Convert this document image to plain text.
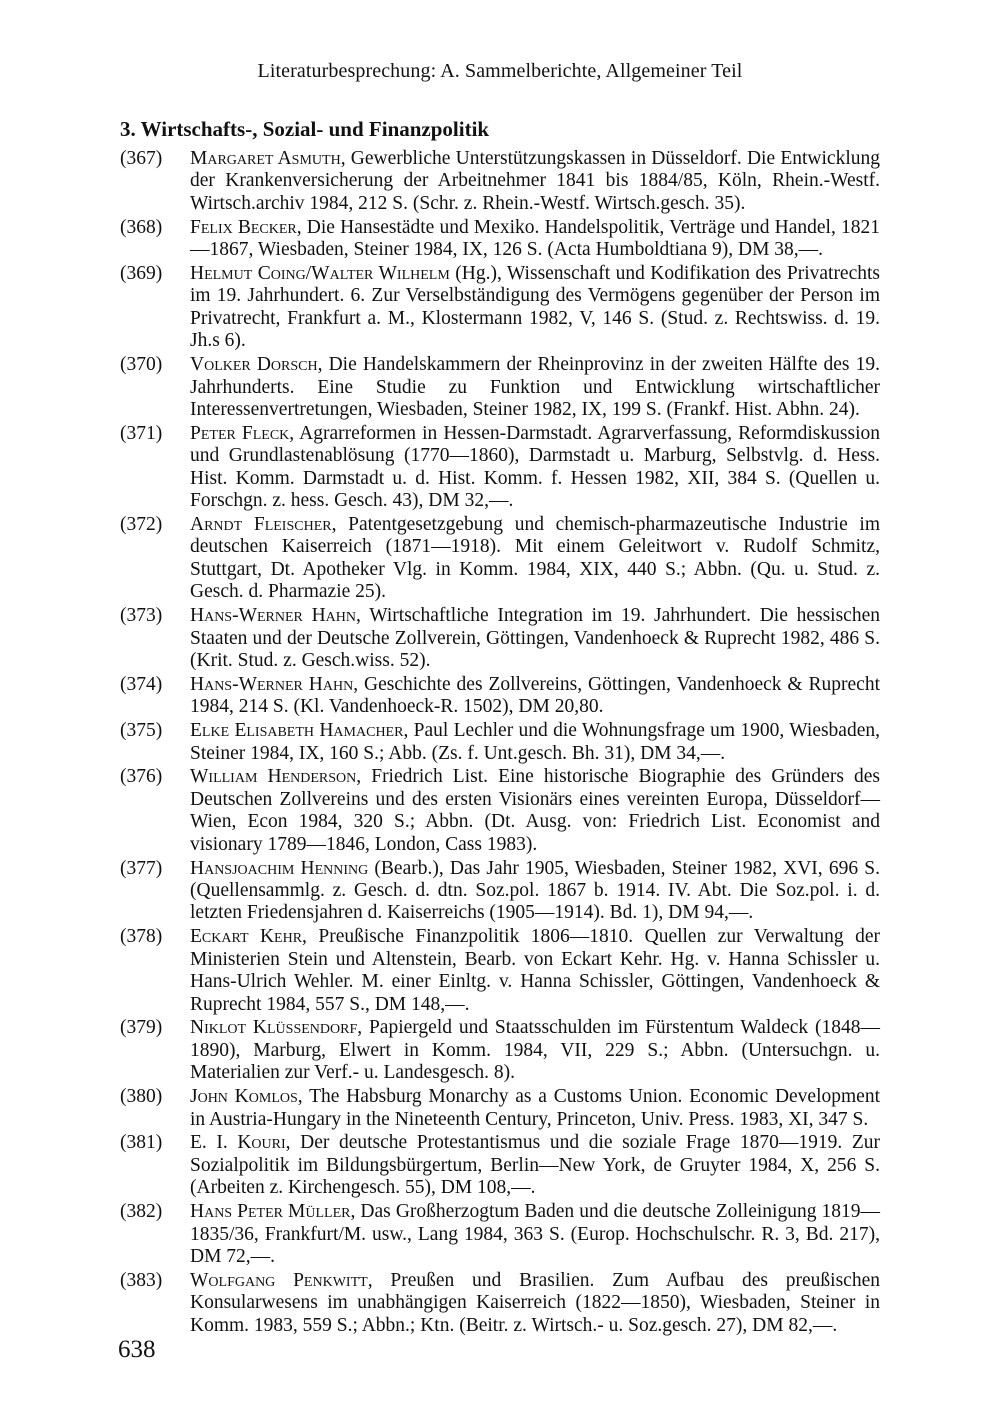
Literaturbesprechung: A. Sammelberichte, Allgemeiner Teil
3. Wirtschafts-, Sozial- und Finanzpolitik
(367) Margaret Asmuth, Gewerbliche Unterstützungskassen in Düsseldorf. Die Entwicklung der Krankenversicherung der Arbeitnehmer 1841 bis 1884/85, Köln, Rhein.-Westf. Wirtsch.archiv 1984, 212 S. (Schr. z. Rhein.-Westf. Wirtsch.gesch. 35).
(368) Felix Becker, Die Hansestädte und Mexiko. Handelspolitik, Verträge und Handel, 1821—1867, Wiesbaden, Steiner 1984, IX, 126 S. (Acta Humboldtiana 9), DM 38,—.
(369) Helmut Coing/Walter Wilhelm (Hg.), Wissenschaft und Kodifikation des Privatrechts im 19. Jahrhundert. 6. Zur Verselbständigung des Vermögens gegenüber der Person im Privatrecht, Frankfurt a. M., Klostermann 1982, V, 146 S. (Stud. z. Rechtswiss. d. 19. Jh.s 6).
(370) Volker Dorsch, Die Handelskammern der Rheinprovinz in der zweiten Hälfte des 19. Jahrhunderts. Eine Studie zu Funktion und Entwicklung wirtschaftlicher Interessenvertretungen, Wiesbaden, Steiner 1982, IX, 199 S. (Frankf. Hist. Abhn. 24).
(371) Peter Fleck, Agrarreformen in Hessen-Darmstadt. Agrarverfassung, Reformdiskussion und Grundlastenablösung (1770—1860), Darmstadt u. Marburg, Selbstvlg. d. Hess. Hist. Komm. Darmstadt u. d. Hist. Komm. f. Hessen 1982, XII, 384 S. (Quellen u. Forschgn. z. hess. Gesch. 43), DM 32,—.
(372) Arndt Fleischer, Patentgesetzgebung und chemisch-pharmazeutische Industrie im deutschen Kaiserreich (1871—1918). Mit einem Geleitwort v. Rudolf Schmitz, Stuttgart, Dt. Apotheker Vlg. in Komm. 1984, XIX, 440 S.; Abbn. (Qu. u. Stud. z. Gesch. d. Pharmazie 25).
(373) Hans-Werner Hahn, Wirtschaftliche Integration im 19. Jahrhundert. Die hessischen Staaten und der Deutsche Zollverein, Göttingen, Vandenhoeck & Ruprecht 1982, 486 S. (Krit. Stud. z. Gesch.wiss. 52).
(374) Hans-Werner Hahn, Geschichte des Zollvereins, Göttingen, Vandenhoeck & Ruprecht 1984, 214 S. (Kl. Vandenhoeck-R. 1502), DM 20,80.
(375) Elke Elisabeth Hamacher, Paul Lechler und die Wohnungsfrage um 1900, Wiesbaden, Steiner 1984, IX, 160 S.; Abb. (Zs. f. Unt.gesch. Bh. 31), DM 34,—.
(376) William Henderson, Friedrich List. Eine historische Biographie des Gründers des Deutschen Zollvereins und des ersten Visionärs eines vereinten Europa, Düsseldorf—Wien, Econ 1984, 320 S.; Abbn. (Dt. Ausg. von: Friedrich List. Economist and visionary 1789—1846, London, Cass 1983).
(377) Hansjoachim Henning (Bearb.), Das Jahr 1905, Wiesbaden, Steiner 1982, XVI, 696 S. (Quellensammlg. z. Gesch. d. dtn. Soz.pol. 1867 b. 1914. IV. Abt. Die Soz.pol. i. d. letzten Friedensjahren d. Kaiserreichs (1905—1914). Bd. 1), DM 94,—.
(378) Eckart Kehr, Preußische Finanzpolitik 1806—1810. Quellen zur Verwaltung der Ministerien Stein und Altenstein, Bearb. von Eckart Kehr. Hg. v. Hanna Schissler u. Hans-Ulrich Wehler. M. einer Einltg. v. Hanna Schissler, Göttingen, Vandenhoeck & Ruprecht 1984, 557 S., DM 148,—.
(379) Niklot Klüssendorf, Papiergeld und Staatsschulden im Fürstentum Waldeck (1848—1890), Marburg, Elwert in Komm. 1984, VII, 229 S.; Abbn. (Untersuchgn. u. Materialien zur Verf.- u. Landesgesch. 8).
(380) John Komlos, The Habsburg Monarchy as a Customs Union. Economic Development in Austria-Hungary in the Nineteenth Century, Princeton, Univ. Press. 1983, XI, 347 S.
(381) E. I. Kouri, Der deutsche Protestantismus und die soziale Frage 1870—1919. Zur Sozialpolitik im Bildungsbürgertum, Berlin—New York, de Gruyter 1984, X, 256 S. (Arbeiten z. Kirchengesch. 55), DM 108,—.
(382) Hans Peter Müller, Das Großherzogtum Baden und die deutsche Zolleinigung 1819—1835/36, Frankfurt/M. usw., Lang 1984, 363 S. (Europ. Hochschulschr. R. 3, Bd. 217), DM 72,—.
(383) Wolfgang Penkwitt, Preußen und Brasilien. Zum Aufbau des preußischen Konsularwesens im unabhängigen Kaiserreich (1822—1850), Wiesbaden, Steiner in Komm. 1983, 559 S.; Abbn.; Ktn. (Beitr. z. Wirtsch.- u. Soz.gesch. 27), DM 82,—.
638
